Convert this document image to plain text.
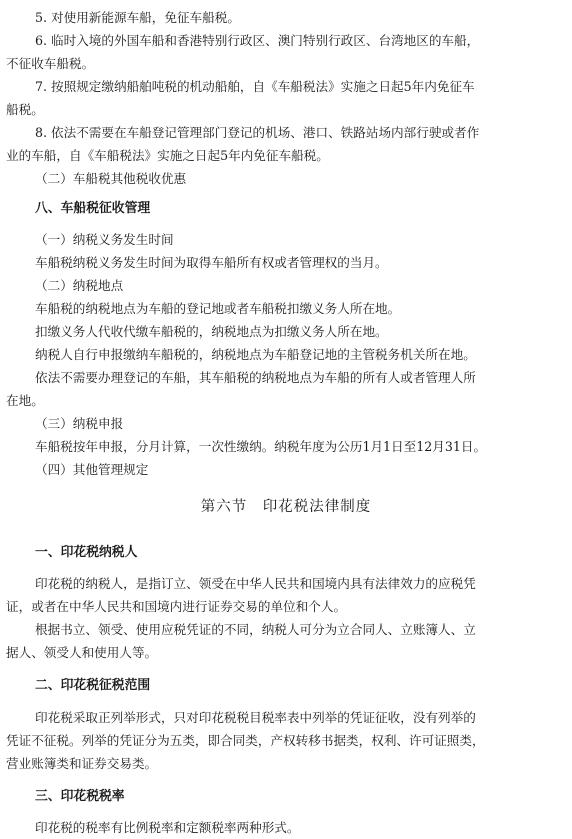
5. 对使用新能源车船，免征车船税。
6. 临时入境的外国车船和香港特别行政区、澳门特别行政区、台湾地区的车船，
不征收车船税。
7. 按照规定缴纳船舶吨税的机动船舶，自《车船税法》实施之日起5年内免征车
船税。
8. 依法不需要在车船登记管理部门登记的机场、港口、铁路站场内部行驶或者作
业的车船，自《车船税法》实施之日起5年内免征车船税。
（二）车船税其他税收优惠
八、车船税征收管理
（一）纳税义务发生时间
车船税纳税义务发生时间为取得车船所有权或者管理权的当月。
（二）纳税地点
车船税的纳税地点为车船的登记地或者车船税扣缴义务人所在地。
扣缴义务人代收代缴车船税的，纳税地点为扣缴义务人所在地。
纳税人自行申报缴纳车船税的，纳税地点为车船登记地的主管税务机关所在地。
依法不需要办理登记的车船，其车船税的纳税地点为车船的所有人或者管理人所
在地。
（三）纳税申报
车船税按年申报，分月计算，一次性缴纳。纳税年度为公历1月1日至12月31日。
（四）其他管理规定
第六节　印花税法律制度
一、印花税纳税人
印花税的纳税人，是指订立、领受在中华人民共和国境内具有法律效力的应税凭
证，或者在中华人民共和国境内进行证券交易的单位和个人。
根据书立、领受、使用应税凭证的不同，纳税人可分为立合同人、立账簿人、立
据人、领受人和使用人等。
二、印花税征税范围
印花税采取正列举形式，只对印花税税目税率表中列举的凭证征收，没有列举的
凭证不征税。列举的凭证分为五类，即合同类，产权转移书据类，权利、许可证照类，
营业账簿类和证券交易类。
三、印花税税率
印花税的税率有比例税率和定额税率两种形式。
